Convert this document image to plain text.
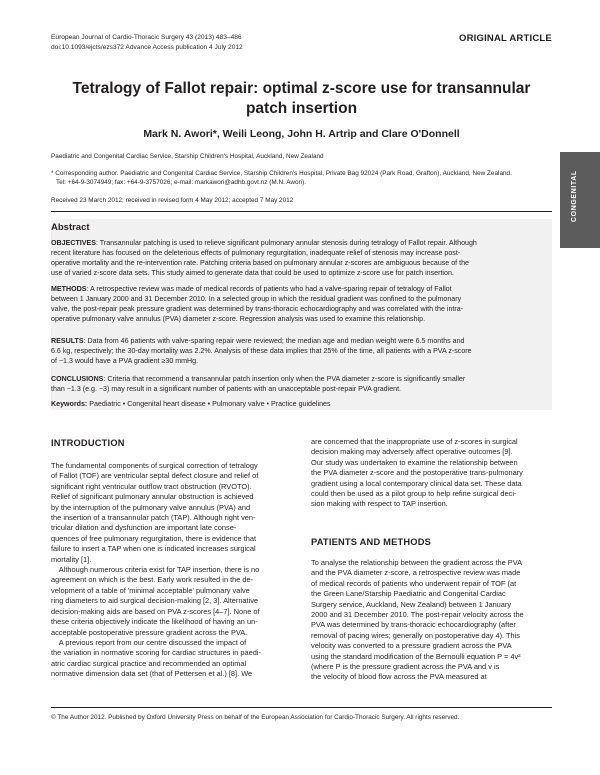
European Journal of Cardio-Thoracic Surgery 43 (2013) 483–486
doi:10.1093/ejcts/ezs372 Advance Access publication 4 July 2012
ORIGINAL ARTICLE
CONGENITAL
Tetralogy of Fallot repair: optimal z-score use for transannular
patch insertion
Mark N. Awori*, Weili Leong, John H. Artrip and Clare O'Donnell
Paediatric and Congenital Cardiac Service, Starship Children's Hospital, Auckland, New Zealand
* Corresponding author. Paediatric and Congenital Cardiac Service, Starship Children's Hospital, Private Bag 92024 (Park Road, Grafton), Auckland, New Zealand.
Tel: +64-9-3074949; fax: +64-9-3757026; e-mail: markawori@adhb.govt.nz (M.N. Awori).
Received 23 March 2012; received in revised form 4 May 2012; accepted 7 May 2012
Abstract
OBJECTIVES: Transannular patching is used to relieve significant pulmonary annular stenosis during tetralogy of Fallot repair. Although
recent literature has focused on the deleterious effects of pulmonary regurgitation, inadequate relief of stenosis may increase post-
operative mortality and the re-intervention rate. Patching criteria based on pulmonary annular z-scores are ambiguous because of the
use of varied z-score data sets. This study aimed to generate data that could be used to optimize z-score use for patch insertion.
METHODS: A retrospective review was made of medical records of patients who had a valve-sparing repair of tetralogy of Fallot
between 1 January 2000 and 31 December 2010. In a selected group in which the residual gradient was confined to the pulmonary
valve, the post-repair peak pressure gradient was determined by trans-thoracic echocardiography and was correlated with the intra-
operative pulmonary valve annulus (PVA) diameter z-score. Regression analysis was used to examine this relationship.
RESULTS: Data from 46 patients with valve-sparing repair were reviewed; the median age and median weight were 6.5 months and
6.6 kg, respectively; the 30-day mortality was 2.2%. Analysis of these data implies that 25% of the time, all patients with a PVA z-score
of −1.3 would have a PVA gradient ≥30 mmHg.
CONCLUSIONS: Criteria that recommend a transannular patch insertion only when the PVA diameter z-score is significantly smaller
than −1.3 (e.g. −3) may result in a significant number of patients with an unacceptable post-repair PVA gradient.
Keywords: Paediatric • Congenital heart disease • Pulmonary valve • Practice guidelines
INTRODUCTION
The fundamental components of surgical correction of tetralogy
of Fallot (TOF) are ventricular septal defect closure and relief of
significant right ventricular outflow tract obstruction (RVOTO).
Relief of significant pulmonary annular obstruction is achieved
by the interruption of the pulmonary valve annulus (PVA) and
the insertion of a transannular patch (TAP). Although right ven-
tricular dilation and dysfunction are important late conse-
quences of free pulmonary regurgitation, there is evidence that
failure to insert a TAP when one is indicated increases surgical
mortality [1].
Although numerous criteria exist for TAP insertion, there is no
agreement on which is the best. Early work resulted in the de-
velopment of a table of 'minimal acceptable' pulmonary valve
ring diameters to aid surgical decision-making [2, 3]. Alternative
decision-making aids are based on PVA z-scores [4–7]. None of
these criteria objectively indicate the likelihood of having an un-
acceptable postoperative pressure gradient across the PVA.
A previous report from our centre discussed the impact of
the variation in normative scoring for cardiac structures in paedi-
atric cardiac surgical practice and recommended an optimal
normative dimension data set (that of Pettersen et al.) [8]. We
are concerned that the inappropriate use of z-scores in surgical
decision making may adversely affect operative outcomes [9].
Our study was undertaken to examine the relationship between
the PVA diameter z-score and the postoperative trans-pulmonary
gradient using a local contemporary clinical data set. These data
could then be used as a pilot group to help refine surgical deci-
sion making with respect to TAP insertion.
PATIENTS AND METHODS
To analyse the relationship between the gradient across the PVA
and the PVA diameter z-score, a retrospective review was made
of medical records of patients who underwent repair of TOF (at
the Green Lane/Starship Paediatric and Congenital Cardiac
Surgery service, Auckland, New Zealand) between 1 January
2000 and 31 December 2010. The post-repair velocity across the
PVA was determined by trans-thoracic echocardiography (after
removal of pacing wires; generally on postoperative day 4). This
velocity was converted to a pressure gradient across the PVA
using the standard modification of the Bernoulli equation P = 4v²
(where P is the pressure gradient across the PVA and v is
the velocity of blood flow across the PVA measured at
© The Author 2012. Published by Oxford University Press on behalf of the European Association for Cardio-Thoracic Surgery. All rights reserved.
